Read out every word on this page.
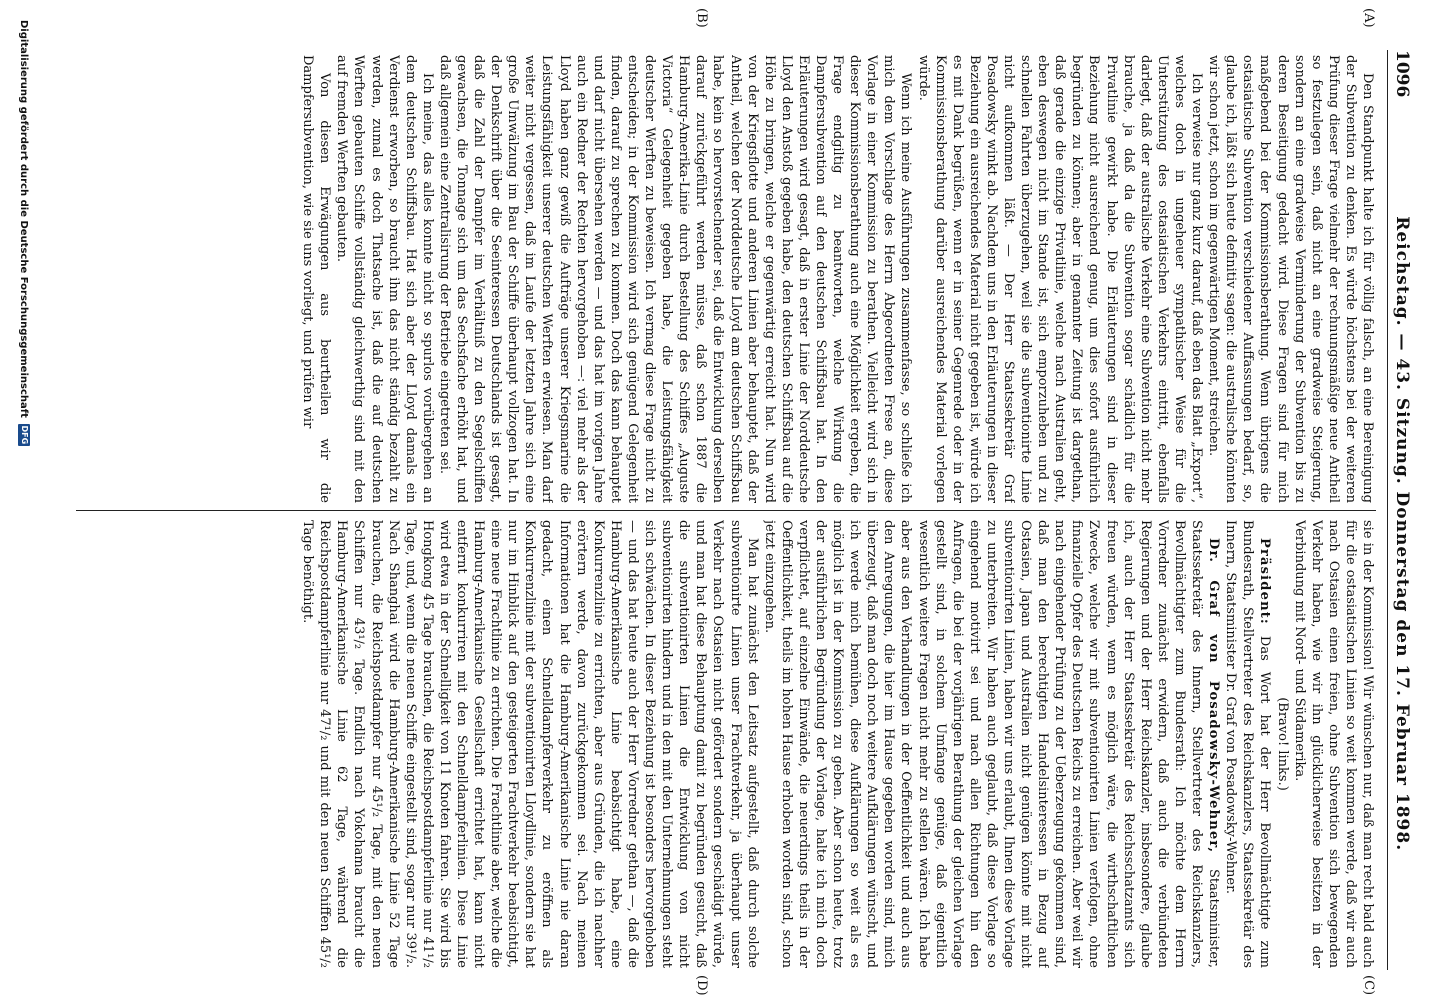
1096
Reichstag. — 43. Sitzung. Donnerstag den 17. Februar 1898.
(A)
(B)
(C)
(D)

Den Standpunkt halte ich für völlig falsch, an eine Bereinigung der Subvention zu denken. Es würde höchstens bei der weiteren Prüfung dieser Frage vielmehr der rechnungsmäßige neue Antheil so festzulegen sein, daß nicht an eine gradweise Steigerung, sondern an eine gradweise Verminderung der Subvention bis zu deren Beseitigung gedacht wird. Diese Fragen sind für mich maßgebend bei der Kommissionsberathung. Wenn übrigens die ostasiatische Subvention verschiedener Auffassungen bedarf, so, glaube ich, läßt sich heute definitiv sagen: die australische könnten wir schon jetzt, schon im gegenwärtigen Moment, streichen.

Ich verweise nur ganz kurz darauf, daß eben das Blatt „Export“, welches doch in ungeheuer sympathischer Weise für die Unterstützung des ostasiatischen Verkehrs eintritt, ebenfalls darlegt, daß der australische Verkehr eine Subvention nicht mehr brauche, ja daß da die Subvention sogar schädlich für die Privatlinie gewirkt habe. Die Erläuterungen sind in dieser Beziehung nicht ausreichend genug, um dies sofort ausführlich begründen zu können; aber in genannter Zeitung ist dargethan, daß gerade die einzige Privatlinie, welche nach Australien geht, eben deswegen nicht im Stande ist, sich emporzuheben und zu schnellen Fahrten überzugehen, weil sie die subventionirte Linie nicht aufkommen läßt. — Der Herr Staatssekretär Graf Posadowsky winkt ab. Nachdem uns in den Erläuterungen in dieser Beziehung ein ausreichendes Material nicht gegeben ist, würde ich es mit Dank begrüßen, wenn er in seiner Gegenrede oder in der Kommissionsberathung darüber ausreichendes Material vorlegen würde.

Wenn ich meine Ausführungen zusammenfasse, so schließe ich mich dem Vorschlage des Herrn Abgeordneten Frese an, diese Vorlage in einer Kommission zu berathen. Vielleicht wird sich in dieser Kommissionsberathung auch eine Möglichkeit ergeben, die Frage endgiltig zu beantworten, welche Wirkung die Dampfersubvention auf den deutschen Schiffsbau hat. In den Erläuterungen wird gesagt, daß in erster Linie der Norddeutsche Lloyd den Anstoß gegeben habe, den deutschen Schiffsbau auf die Höhe zu bringen, welche er gegenwärtig erreicht hat. Nun wird von der Kriegsflotte und anderen Linien aber behauptet, daß der Antheil, welchen der Norddeutsche Lloyd am deutschen Schiffsbau habe, kein so hervorstechender sei, daß die Entwicklung derselben darauf zurückgeführt werden müsse, daß schon 1887 die Hamburg-Amerika-Linie durch Bestellung des Schiffes „Auguste Victoria“ Gelegenheit gegeben habe, die Leistungsfähigkeit deutscher Werften zu beweisen. Ich vermag diese Frage nicht zu entscheiden; in der Kommission wird sich genügend Gelegenheit finden, darauf zu sprechen zu kommen. Doch das kann behauptet und darf nicht übersehen werden — und das hat im vorigen Jahre auch ein Redner der Rechten hervorgehoben —: viel mehr als der Lloyd haben ganz gewiß die Aufträge unserer Kriegsmarine die Leistungsfähigkeit unserer deutschen Werften erwiesen. Man darf weiter nicht vergessen, daß im Laufe der letzten Jahre sich eine große Umwälzung im Bau der Schiffe überhaupt vollzogen hat. In der Denkschrift über die Seeinteressen Deutschlands ist gesagt, daß die Zahl der Dampfer im Verhältniß zu den Segelschiffen gewachsen, die Tonnage sich um das Sechsfache erhöht hat, und daß allgemein eine Zentralisirung der Betriebe eingetreten sei.

Ich meine, das alles konnte nicht so spurlos vorübergehen an dem deutschen Schiffsbau. Hat sich aber der Lloyd damals ein Verdienst erworben, so braucht ihm das nicht ständig bezahlt zu werden, zumal es doch Thatsache ist, daß die auf deutschen Werften gebauten Schiffe vollständig gleichwerthig sind mit den auf fremden Werften gebauten.

Von diesen Erwägungen aus beurtheilen wir die Dampfersubvention, wie sie uns vorliegt, und prüfen wir

sie in der Kommission! Wir wünschen nur, daß man recht bald auch für die ostasiatischen Linien so weit kommen werde, daß wir auch nach Ostasien einen freien, ohne Subvention sich bewegenden Verkehr haben, wie wir ihn glücklicherweise besitzen in der Verbindung mit Nord- und Südamerika.

(Bravo! links.)

Präsident: Das Wort hat der Herr Bevollmächtigte zum Bundesrath, Stellvertreter des Reichskanzlers, Staatssekretär des Innern, Staatsminister Dr. Graf von Posadowsky-Wehner.

Dr. Graf von Posadowsky-Wehner, Staatsminister, Staatssekretär des Innern, Stellvertreter des Reichskanzlers, Bevollmächtigter zum Bundesrath: Ich möchte dem Herrn Vorredner zunächst erwidern, daß auch die verbündeten Regierungen und der Herr Reichskanzler, insbesondere, glaube ich, auch der Herr Staatssekretär des Reichsschatzamts sich freuen würden, wenn es möglich wäre, die wirthschaftlichen Zwecke, welche wir mit subventionirten Linien verfolgen, ohne finanzielle Opfer des Deutschen Reichs zu erreichen. Aber weil wir nach eingehender Prüfung zu der Ueberzeugung gekommen sind, daß man den berechtigten Handelsinteressen in Bezug auf Ostasien, Japan und Australien nicht genügen könnte mit nicht subventionirten Linien, haben wir uns erlaubt, Ihnen diese Vorlage zu unterbreiten. Wir haben auch geglaubt, daß diese Vorlage so eingehend motivirt sei und nach allen Richtungen hin den Anfragen, die bei der vorjährigen Berathung der gleichen Vorlage gestellt sind, in solchem Umfange genüge, daß eigentlich wesentlich weitere Fragen nicht mehr zu stellen wären. Ich habe aber aus den Verhandlungen in der Oeffentlichkeit und auch aus den Anregungen, die hier im Hause gegeben worden sind, mich überzeugt, daß man doch noch weitere Aufklärungen wünscht, und ich werde mich bemühen, diese Aufklärungen so weit als es möglich ist in der Kommission zu geben. Aber schon heute, trotz der ausführlichen Begründung der Vorlage, halte ich mich doch verpflichtet, auf einzelne Einwände, die neuerdings theils in der Oeffentlichkeit, theils im hohen Hause erhoben worden sind, schon jetzt einzugehen.

Man hat zunächst den Leitsatz aufgestellt, daß durch solche subventionirte Linien unser Frachtverkehr, ja überhaupt unser Verkehr nach Ostasien nicht gefördert sondern geschädigt würde, und man hat diese Behauptung damit zu begründen gesucht, daß die subventionirten Linien die Entwicklung von nicht subventionirten hindern und in den mit den Unternehmungen steht sich schwächen. In dieser Beziehung ist besonders hervorgehoben — und das hat heute auch der Herr Vorredner gethan —, daß die Hamburg-Amerikanische Linie beabsichtigt habe, eine Konkurrenzlinie zu errichten, aber aus Gründen, die ich nachher erörtern werde, davon zurückgekommen sei. Nach meinen Informationen hat die Hamburg-Amerikanische Linie nie daran gedacht, einen Schnelldampferverkehr zu eröffnen als Konkurrenzlinie mit der subventionirten Lloydlinie, sondern sie hat nur im Hinblick auf den gesteigerten Frachtverkehr beabsichtigt, eine neue Frachtlinie zu errichten. Die Frachtlinie aber, welche die Hamburg-Amerikanische Gesellschaft errichtet hat, kann nicht entfernt konkurriren mit den Schnelldampferlinien. Diese Linie wird etwa in der Schnelligkeit von 11 Knoten fahren. Sie wird bis Hongkong 45 Tage brauchen, die Reichspostdampferlinie nur 41¹/₂ Tage, und, wenn die neuen Schiffe eingestellt sind, sogar nur 39¹/₂. Nach Shanghai wird die Hamburg-Amerikanische Linie 52 Tage brauchen, die Reichspostdampfer nur 45¹/₂ Tage, mit den neuen Schiffen nur 43¹/₂ Tage. Endlich nach Yokohama braucht die Hamburg-Amerikanische Linie 62 Tage, während die Reichspostdampferlinie nur 47¹/₂ und mit den neuen Schiffen 45¹/₂ Tage benöthigt.

Digitalisierung gefördert durch die Deutsche Forschungsgemeinschaft
DFG
